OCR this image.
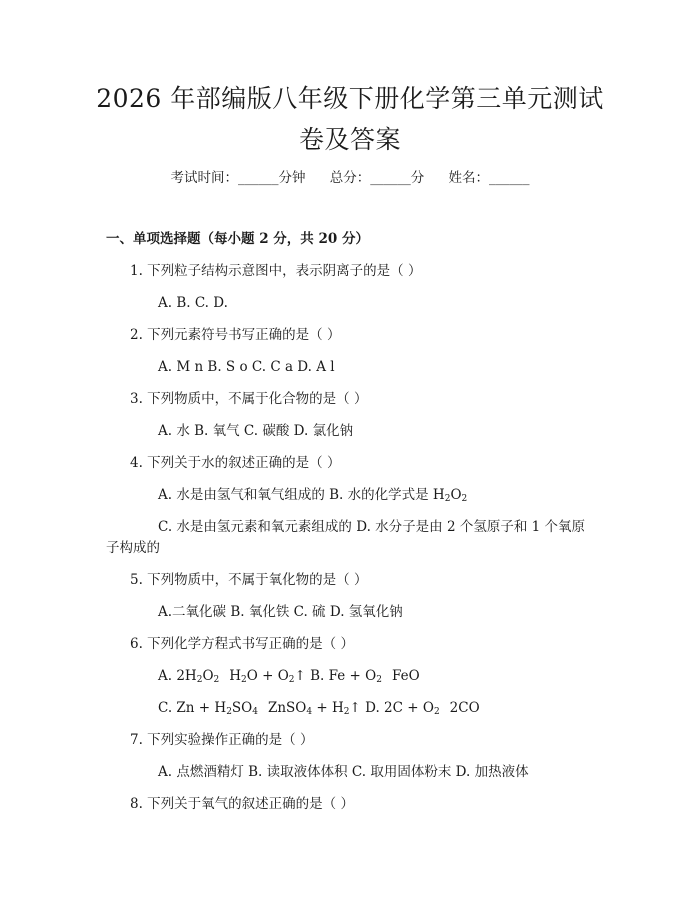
2026 年部编版八年级下册化学第三单元测试
卷及答案
考试时间：______分钟 总分：______分 姓名：______
一、单项选择题（每小题 2 分，共 20 分）
1. 下列粒子结构示意图中，表示阴离子的是（ ）
A. B. C. D.
2. 下列元素符号书写正确的是（ ）
A. M n B. S o C. C a D. A l
3. 下列物质中，不属于化合物的是（ ）
A. 水 B. 氧气 C. 碳酸 D. 氯化钠
4. 下列关于水的叙述正确的是（ ）
A. 水是由氢气和氧气组成的 B. 水的化学式是 $H_2O_2$
C. 水是由氢元素和氧元素组成的 D. 水分子是由 2 个氢原子和 1 个氧原
子构成的
5. 下列物质中，不属于氧化物的是（ ）
A.二氧化碳 B. 氧化铁 C. 硫 D. 氢氧化钠
6. 下列化学方程式书写正确的是（ ）
A. $2H_2O_2$ $H_2O$ + $O_2↑$ B. $Fe + O_2$ FeO
C. $Zn + H_2SO_4$ ZnSO$_4$ + $H_2↑$ D. $2C + O_2$ 2CO
7. 下列实验操作正确的是（ ）
A. 点燃酒精灯 B. 读取液体体积 C. 取用固体粉末 D. 加热液体
8. 下列关于氧气的叙述正确的是（ ）
